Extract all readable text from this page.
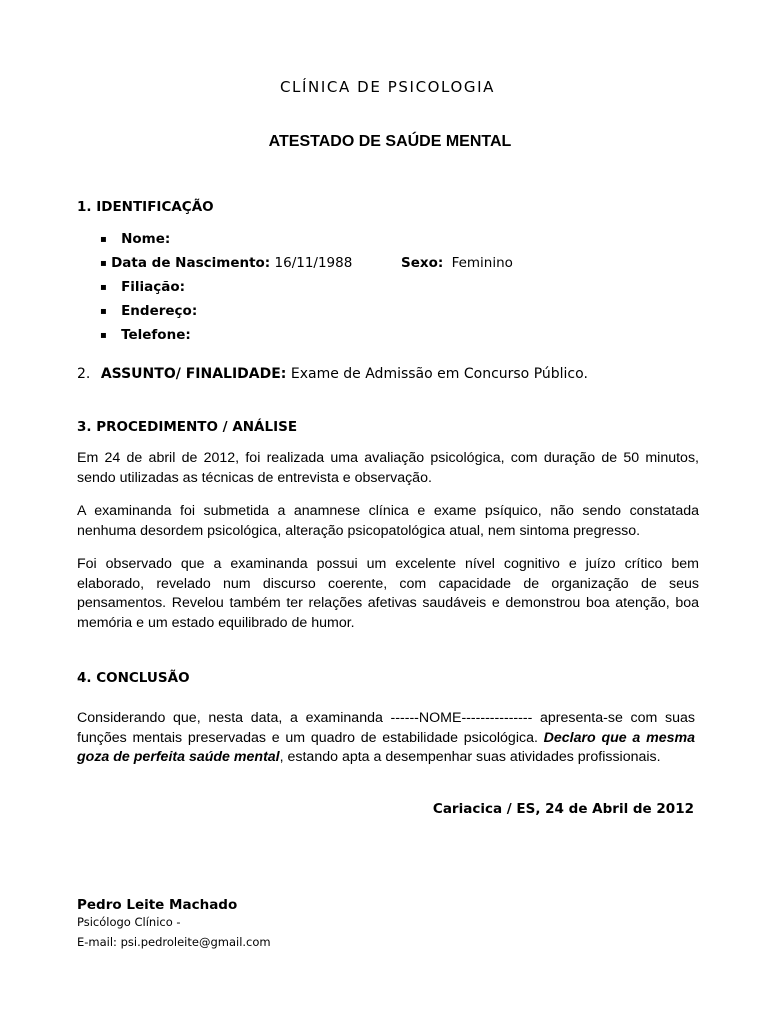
CLÍNICA DE PSICOLOGIA
ATESTADO DE SAÚDE MENTAL
1. IDENTIFICAÇÃO
▪ Nome:
▪ Data de Nascimento: 16/11/1988	Sexo: Feminino
▪ Filiação:
▪ Endereço:
▪ Telefone:
2. ASSUNTO/ FINALIDADE: Exame de Admissão em Concurso Público.
3. PROCEDIMENTO / ANÁLISE

Em 24 de abril de 2012, foi realizada uma avaliação psicológica, com duração de 50 minutos, sendo utilizadas as técnicas de entrevista e observação.

A examinanda foi submetida a anamnese clínica e exame psíquico, não sendo constatada nenhuma desordem psicológica, alteração psicopatológica atual, nem sintoma pregresso.

Foi observado que a examinanda possui um excelente nível cognitivo e juízo crítico bem elaborado, revelado num discurso coerente, com capacidade de organização de seus pensamentos. Revelou também ter relações afetivas saudáveis e demonstrou boa atenção, boa memória e um estado equilibrado de humor.

4. CONCLUSÃO

Considerando que, nesta data, a examinanda ------NOME--------------- apresenta-se com suas funções mentais preservadas e um quadro de estabilidade psicológica. Declaro que a mesma goza de perfeita saúde mental, estando apta a desempenhar suas atividades profissionais.

Cariacica / ES, 24 de Abril de 2012
Pedro Leite Machado
Psicólogo Clínico -
E-mail: psi.pedroleite@gmail.com
